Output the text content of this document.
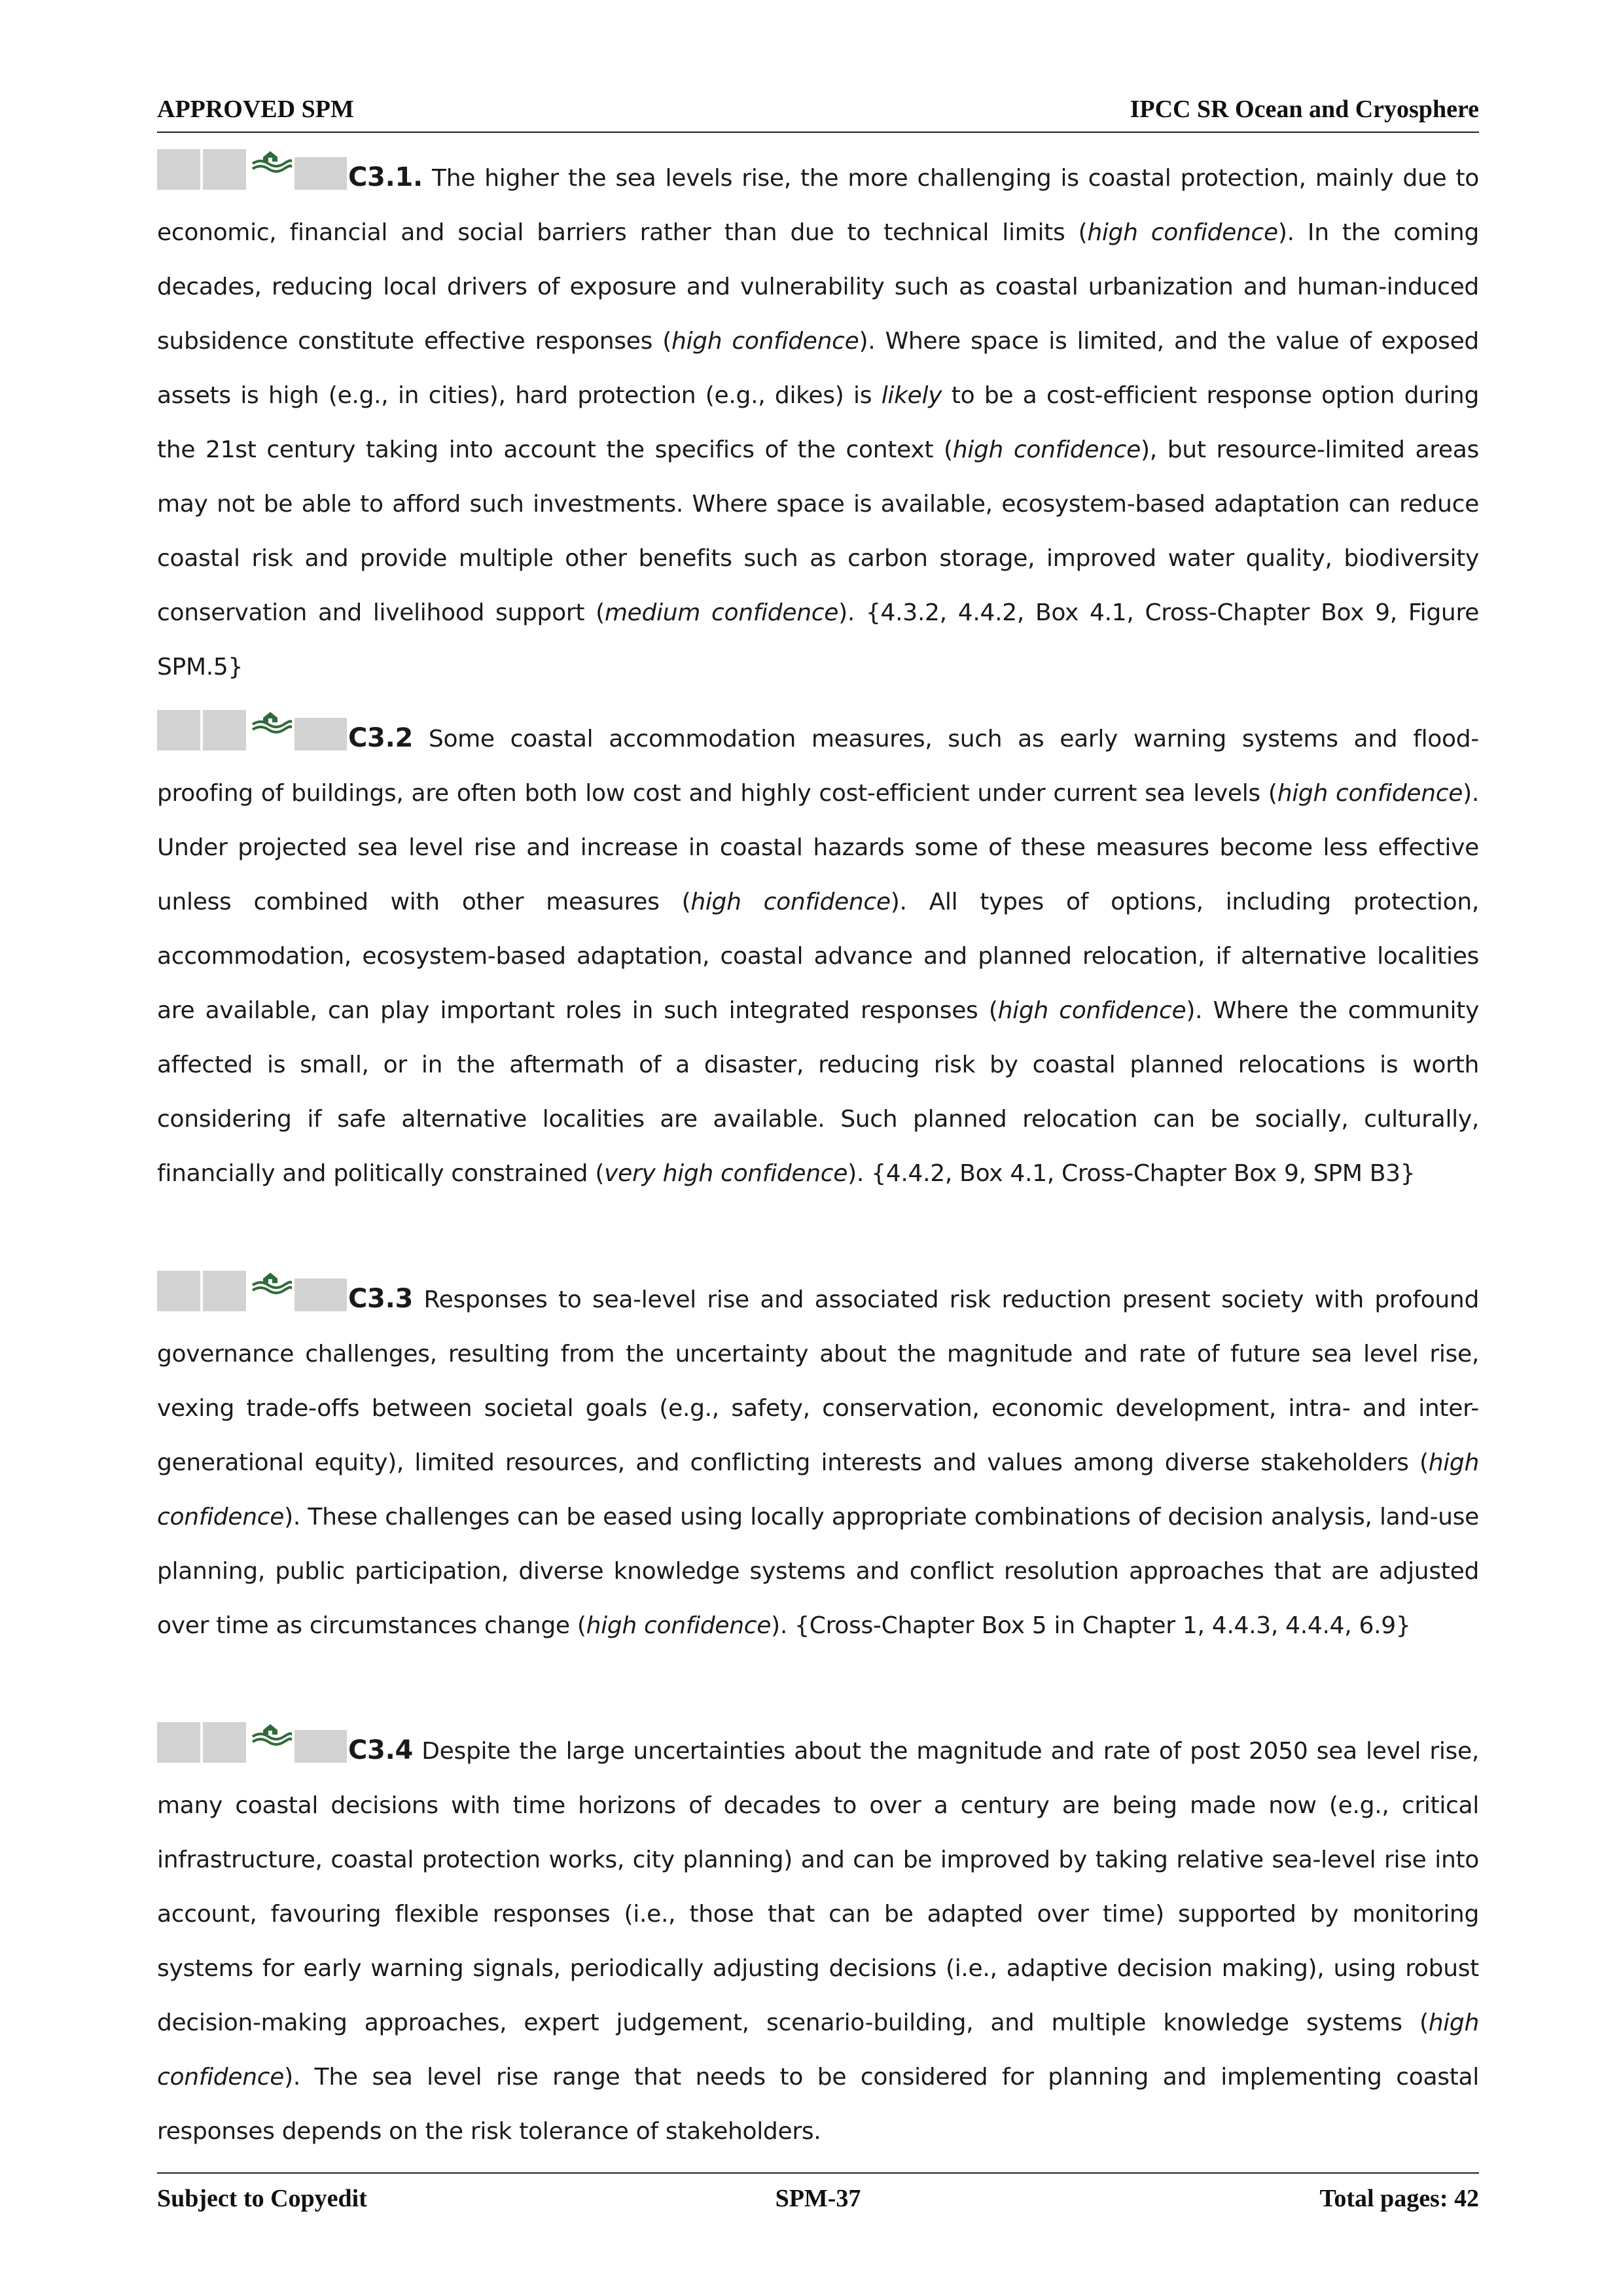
APPROVED SPM	IPCC SR Ocean and Cryosphere
C3.1. The higher the sea levels rise, the more challenging is coastal protection, mainly due to economic, financial and social barriers rather than due to technical limits (high confidence). In the coming decades, reducing local drivers of exposure and vulnerability such as coastal urbanization and human-induced subsidence constitute effective responses (high confidence). Where space is limited, and the value of exposed assets is high (e.g., in cities), hard protection (e.g., dikes) is likely to be a cost-efficient response option during the 21st century taking into account the specifics of the context (high confidence), but resource-limited areas may not be able to afford such investments. Where space is available, ecosystem-based adaptation can reduce coastal risk and provide multiple other benefits such as carbon storage, improved water quality, biodiversity conservation and livelihood support (medium confidence). {4.3.2, 4.4.2, Box 4.1, Cross-Chapter Box 9, Figure SPM.5}
C3.2 Some coastal accommodation measures, such as early warning systems and flood-proofing of buildings, are often both low cost and highly cost-efficient under current sea levels (high confidence). Under projected sea level rise and increase in coastal hazards some of these measures become less effective unless combined with other measures (high confidence). All types of options, including protection, accommodation, ecosystem-based adaptation, coastal advance and planned relocation, if alternative localities are available, can play important roles in such integrated responses (high confidence). Where the community affected is small, or in the aftermath of a disaster, reducing risk by coastal planned relocations is worth considering if safe alternative localities are available. Such planned relocation can be socially, culturally, financially and politically constrained (very high confidence). {4.4.2, Box 4.1, Cross-Chapter Box 9, SPM B3}
C3.3 Responses to sea-level rise and associated risk reduction present society with profound governance challenges, resulting from the uncertainty about the magnitude and rate of future sea level rise, vexing trade-offs between societal goals (e.g., safety, conservation, economic development, intra- and inter-generational equity), limited resources, and conflicting interests and values among diverse stakeholders (high confidence). These challenges can be eased using locally appropriate combinations of decision analysis, land-use planning, public participation, diverse knowledge systems and conflict resolution approaches that are adjusted over time as circumstances change (high confidence). {Cross-Chapter Box 5 in Chapter 1, 4.4.3, 4.4.4, 6.9}
C3.4 Despite the large uncertainties about the magnitude and rate of post 2050 sea level rise, many coastal decisions with time horizons of decades to over a century are being made now (e.g., critical infrastructure, coastal protection works, city planning) and can be improved by taking relative sea-level rise into account, favouring flexible responses (i.e., those that can be adapted over time) supported by monitoring systems for early warning signals, periodically adjusting decisions (i.e., adaptive decision making), using robust decision-making approaches, expert judgement, scenario-building, and multiple knowledge systems (high confidence). The sea level rise range that needs to be considered for planning and implementing coastal responses depends on the risk tolerance of stakeholders.
Subject to Copyedit	SPM-37	Total pages: 42
